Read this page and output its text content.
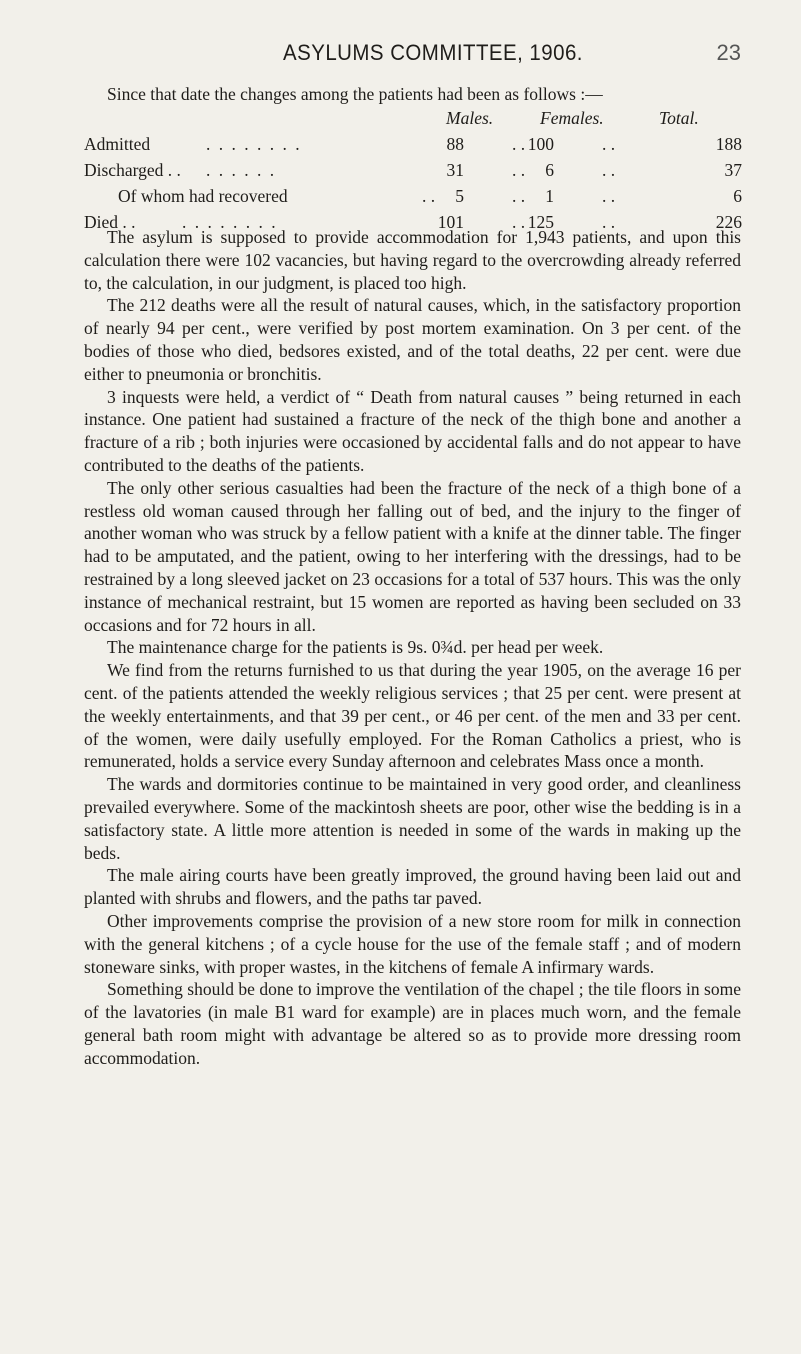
ASYLUMS COMMITTEE, 1906.	23
Since that date the changes among the patients had been as follows :—
Males.	Females.	Total.
Admitted	. . . . . . . .	88	. . 100	. .	188
Discharged . . . . . . . .	31	. . 6	. .	37
Of whom had recovered	. . 5	. . 1	. .	6
Died . .	. . . . . . . .	101	. . 125	. .	226

The asylum is supposed to provide accommodation for 1,943 patients, and upon this calculation there were 102 vacancies, but having regard to the overcrowding already referred to, the calculation, in our judgment, is placed too high.

The 212 deaths were all the result of natural causes, which, in the satisfactory proportion of nearly 94 per cent., were verified by post mortem examination. On 3 per cent. of the bodies of those who died, bedsores existed, and of the total deaths, 22 per cent. were due either to pneumonia or bronchitis.

3 inquests were held, a verdict of “ Death from natural causes ” being returned in each instance. One patient had sustained a fracture of the neck of the thigh bone and another a fracture of a rib ; both injuries were occasioned by accidental falls and do not appear to have contributed to the deaths of the patients.

The only other serious casualties had been the fracture of the neck of a thigh bone of a restless old woman caused through her falling out of bed, and the injury to the finger of another woman who was struck by a fellow patient with a knife at the dinner table. The finger had to be amputated, and the patient, owing to her interfering with the dressings, had to be restrained by a long sleeved jacket on 23 occasions for a total of 537 hours. This was the only instance of mechanical restraint, but 15 women are reported as having been secluded on 33 occasions and for 72 hours in all.

The maintenance charge for the patients is 9s. 0¾d. per head per week.

We find from the returns furnished to us that during the year 1905, on the average 16 per cent. of the patients attended the weekly religious services ; that 25 per cent. were present at the weekly entertainments, and that 39 per cent., or 46 per cent. of the men and 33 per cent. of the women, were daily usefully employed. For the Roman Catholics a priest, who is remunerated, holds a service every Sunday afternoon and celebrates Mass once a month.

The wards and dormitories continue to be maintained in very good order, and cleanliness prevailed everywhere. Some of the mackintosh sheets are poor, other wise the bedding is in a satisfactory state. A little more attention is needed in some of the wards in making up the beds.

The male airing courts have been greatly improved, the ground having been laid out and planted with shrubs and flowers, and the paths tar paved.

Other improvements comprise the provision of a new store room for milk in connection with the general kitchens ; of a cycle house for the use of the female staff ; and of modern stoneware sinks, with proper wastes, in the kitchens of female A infirmary wards.

Something should be done to improve the ventilation of the chapel ; the tile floors in some of the lavatories (in male B1 ward for example) are in places much worn, and the female general bath room might with advantage be altered so as to provide more dressing room accommodation.
